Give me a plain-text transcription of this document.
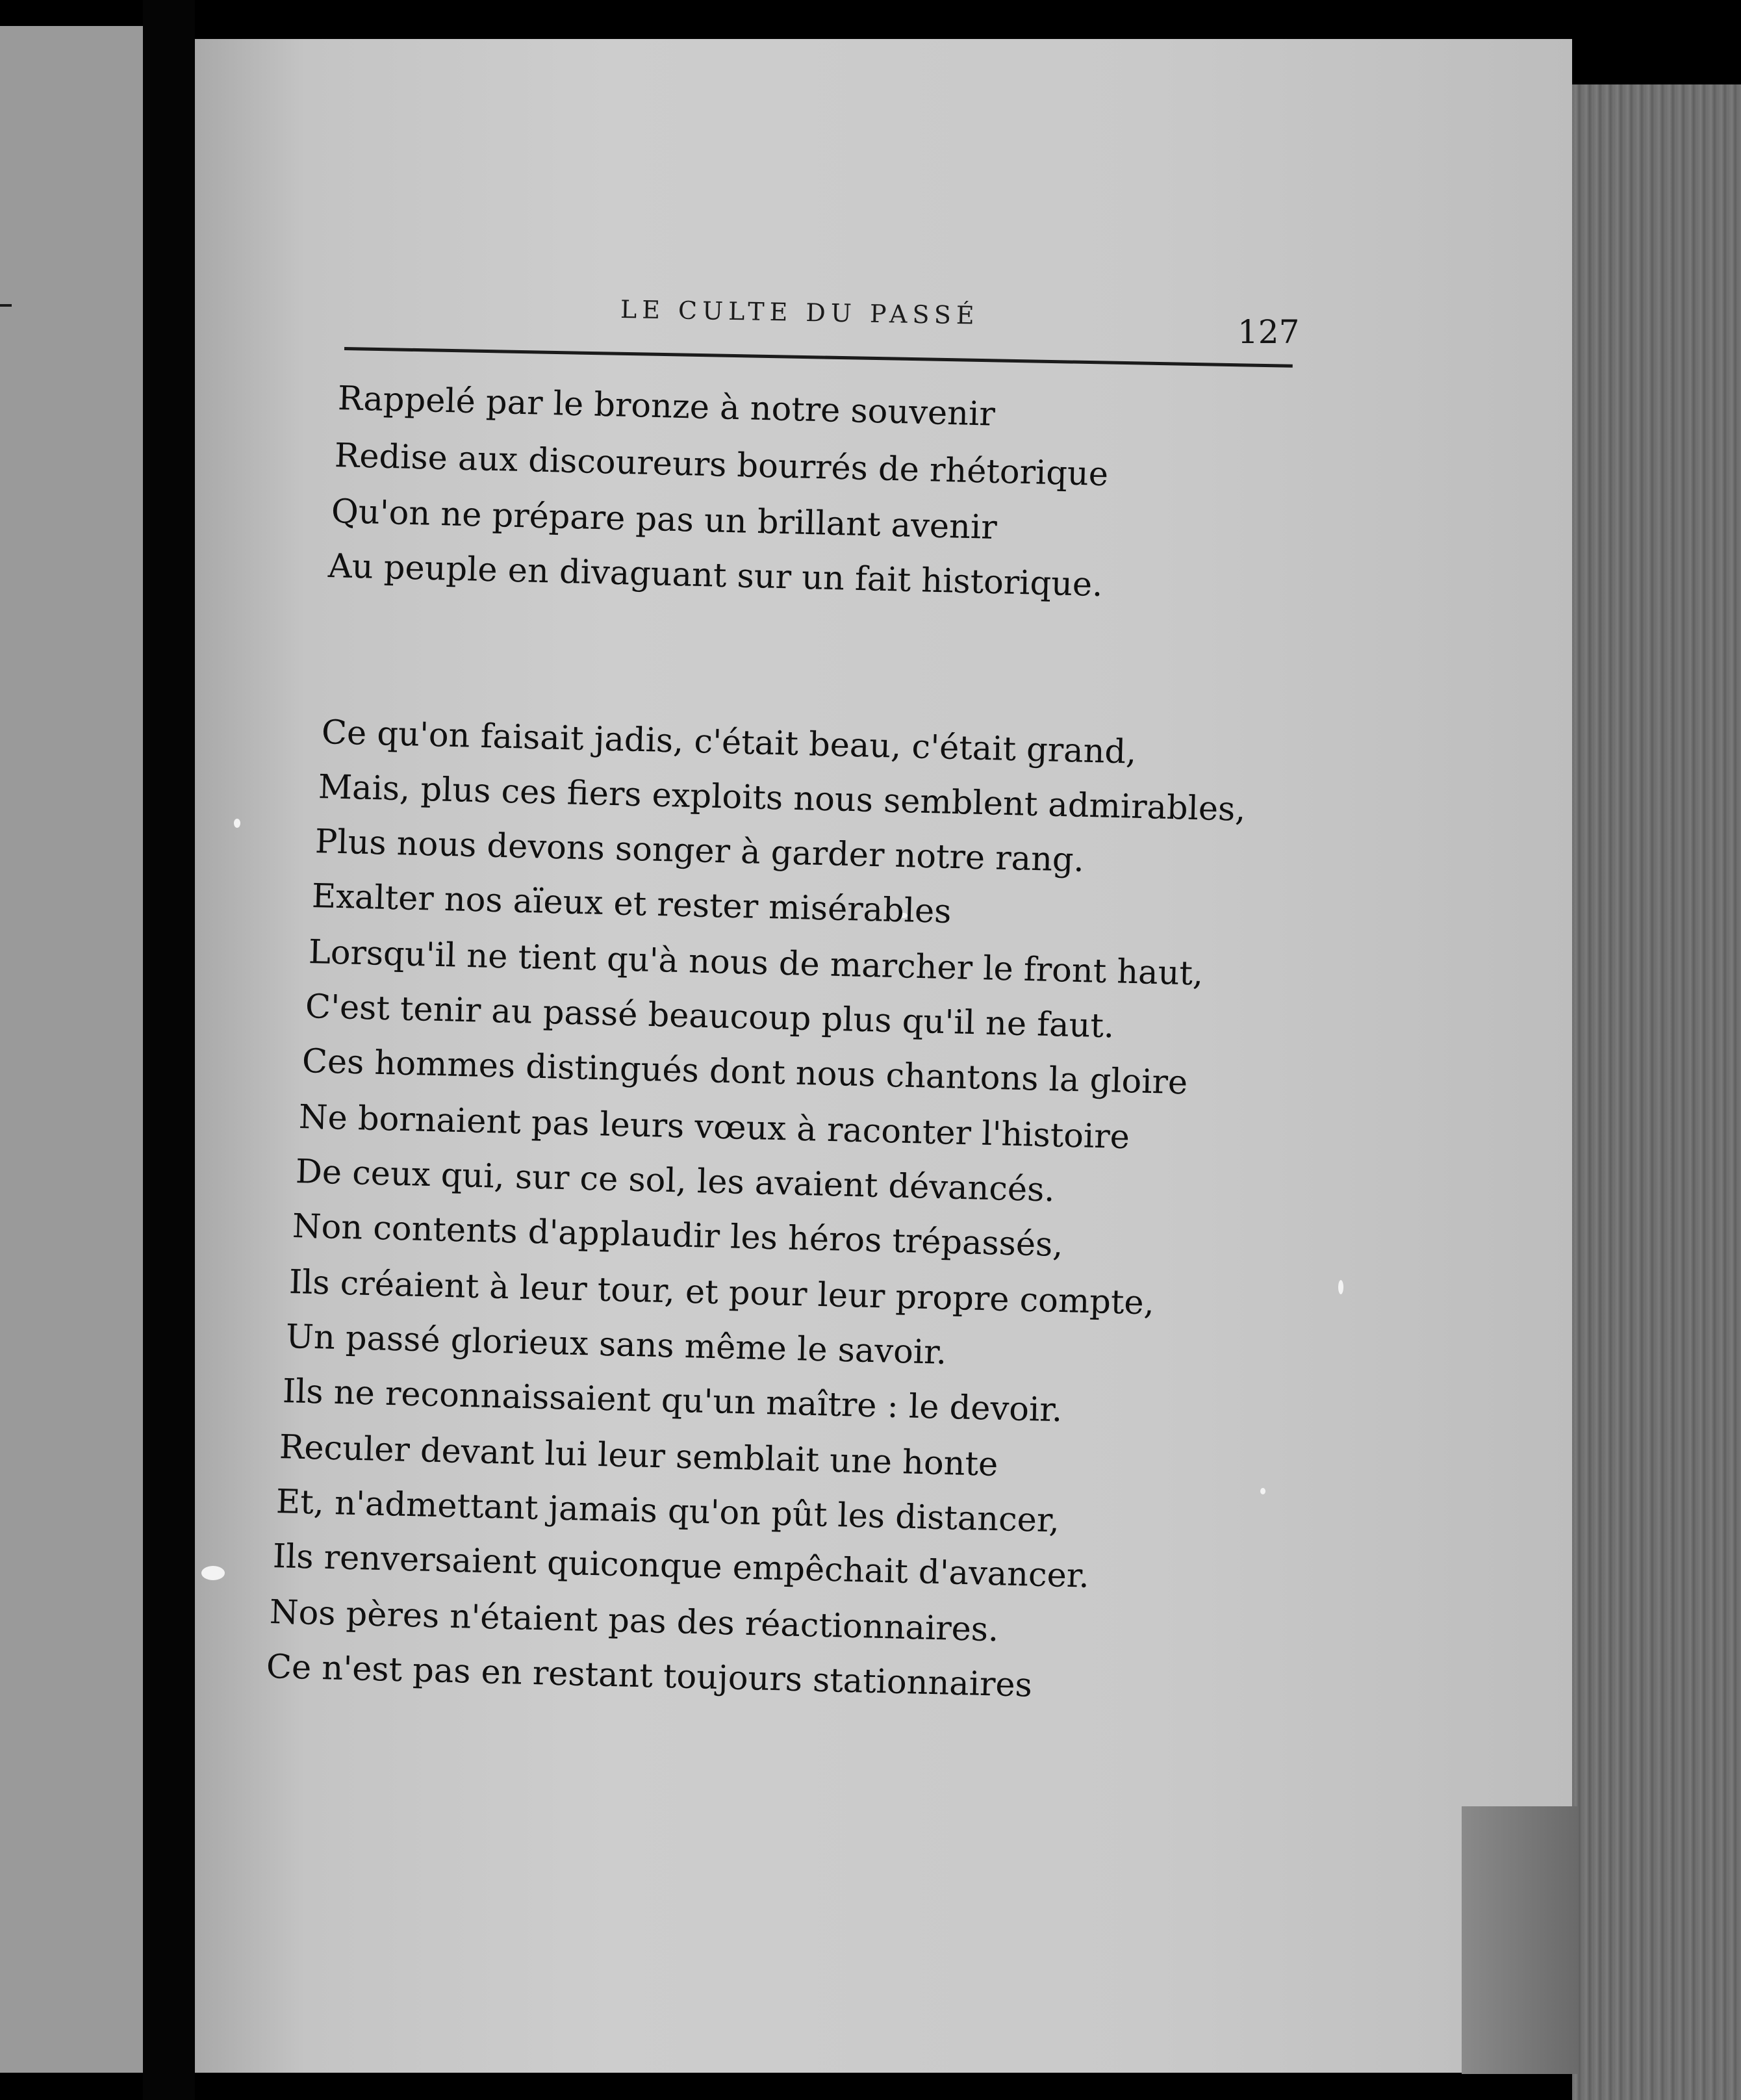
LE CULTE DU PASSÉ
127
Rappelé par le bronze à notre souvenir
Redise aux discoureurs bourrés de rhétorique
Qu'on ne prépare pas un brillant avenir
Au peuple en divaguant sur un fait historique.
Ce qu'on faisait jadis, c'était beau, c'était grand,
Mais, plus ces fiers exploits nous semblent admirables,
Plus nous devons songer à garder notre rang.
Exalter nos aïeux et rester misérables
Lorsqu'il ne tient qu'à nous de marcher le front haut,
C'est tenir au passé beaucoup plus qu'il ne faut.
Ces hommes distingués dont nous chantons la gloire
Ne bornaient pas leurs vœux à raconter l'histoire
De ceux qui, sur ce sol, les avaient dévancés.
Non contents d'applaudir les héros trépassés,
Ils créaient à leur tour, et pour leur propre compte,
Un passé glorieux sans même le savoir.
Ils ne reconnaissaient qu'un maître : le devoir.
Reculer devant lui leur semblait une honte
Et, n'admettant jamais qu'on pût les distancer,
Ils renversaient quiconque empêchait d'avancer.
Nos pères n'étaient pas des réactionnaires.
Ce n'est pas en restant toujours stationnaires
